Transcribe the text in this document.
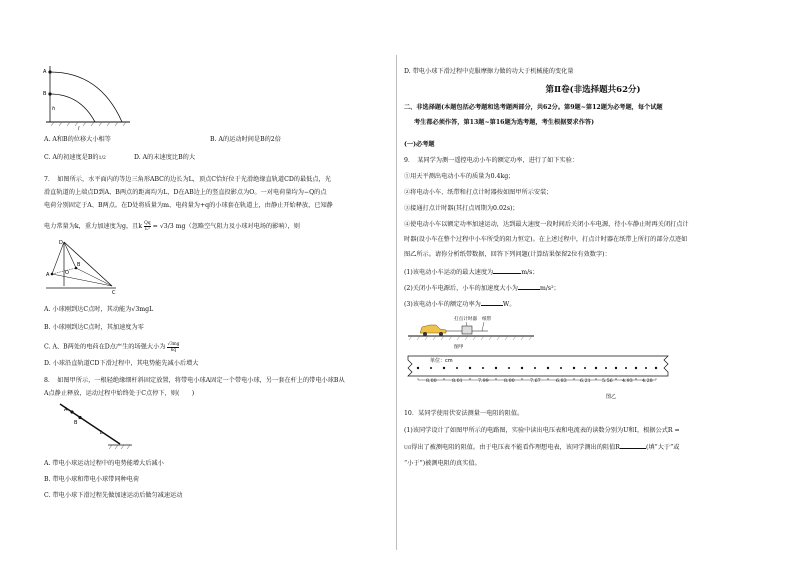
A
B
l
h
A. A和B的位移大小相等	B. A的运动时间是B的2倍
C. A的初速度是B的1/2	D. A的末速度比B的大
7．　如图所示，水平面内的等边三角形ABC的边长为L，顶点C恰好位于光滑绝缘直轨道CD的最低点，光
滑直轨道的上端点D到A、B两点的距离均为L，D在AB边上的竖直投影点为O。一对电荷量均为−Q的点
电荷分别固定于A、B两点。在D处将质量为m、电荷量为+q的小球套在轨道上，由静止开始释放，已知静
电力常量为k，重力加速度为g，且k $\frac{Qq}{\text{L²}} = √3/3$ mg（忽略空气阻力及小球对电场的影响），则
D
A
B
O
C
A. 小球刚到达C点时，其动能为√3mgL
B. 小球刚到达C点时，其加速度为零
C. A、B两处的电荷在D点产生的场强大小为 $\frac{√3mg}{6q}$
D. 小球沿直轨道CD下滑过程中，其电势能先减小后增大
8．　如图甲所示，一根轻绝缘细杆斜固定放置，将带电小球A固定一个带电小球，另一套在杆上的带电小球B从
A点静止释放，运动过程中始终处于C点停下，则(　　)
A
B
L
A. 带电小球运动过程中的电势能增大后减小
B. 带电小球和带电小球带同种电荷
C. 带电小球下滑过程先做加速运动后做匀减速运动
D. 带电小球下滑过程中克服摩擦力做的功大于机械能的变化量
第Ⅱ卷(非选择题共62分)
二、非选择题(本题包括必考题和选考题两部分，共62分。第9题~第12题为必考题，每个试题
考生都必须作答，第13题~第16题为选考题，考生根据要求作答)
(一)必考题
9．　某同学为测一遥控电动小车的额定功率，进行了如下实验：
①用天平测出电动小车的质量为0.4kg；
②将电动小车、纸带和打点计时器按如图甲所示安装；
③接通打点计时器(其打点周期为0.02s)；
④使电动小车以额定功率加速运动，达到最大速度一段时间后关闭小车电源，待小车静止时再关闭打点计
时器(设小车在整个过程中小车所受的阻力恒定)。在上述过程中，打点计时器在纸带上所打的部分点迹如
图乙所示。请你分析纸带数据，回答下列问题(计算结果保留2位有效数字)：
(1)该电动小车运动的最大速度为	m/s；
(2)关闭小车电源后，小车的加速度大小为	m/s²；
(3)该电动小车的额定功率为	W。
打点计时器 纸带
图甲
单位：cm
图乙
8.00	8.01	7.99	8.00	7.67	6.83	6.21 5.56 4.93 4.28
10．某同学使用伏安法测量一电阻的阻值。
(1)该同学设计了如图甲所示的电路图，实验中读出电压表和电流表的读数分别为U和I，根据公式R =
U/I得出了被测电阻的阻值。由于电压表不能看作理想电表，该同学测出的阻值R	(填“大于”或
“小于”)被测电阻的真实值。
